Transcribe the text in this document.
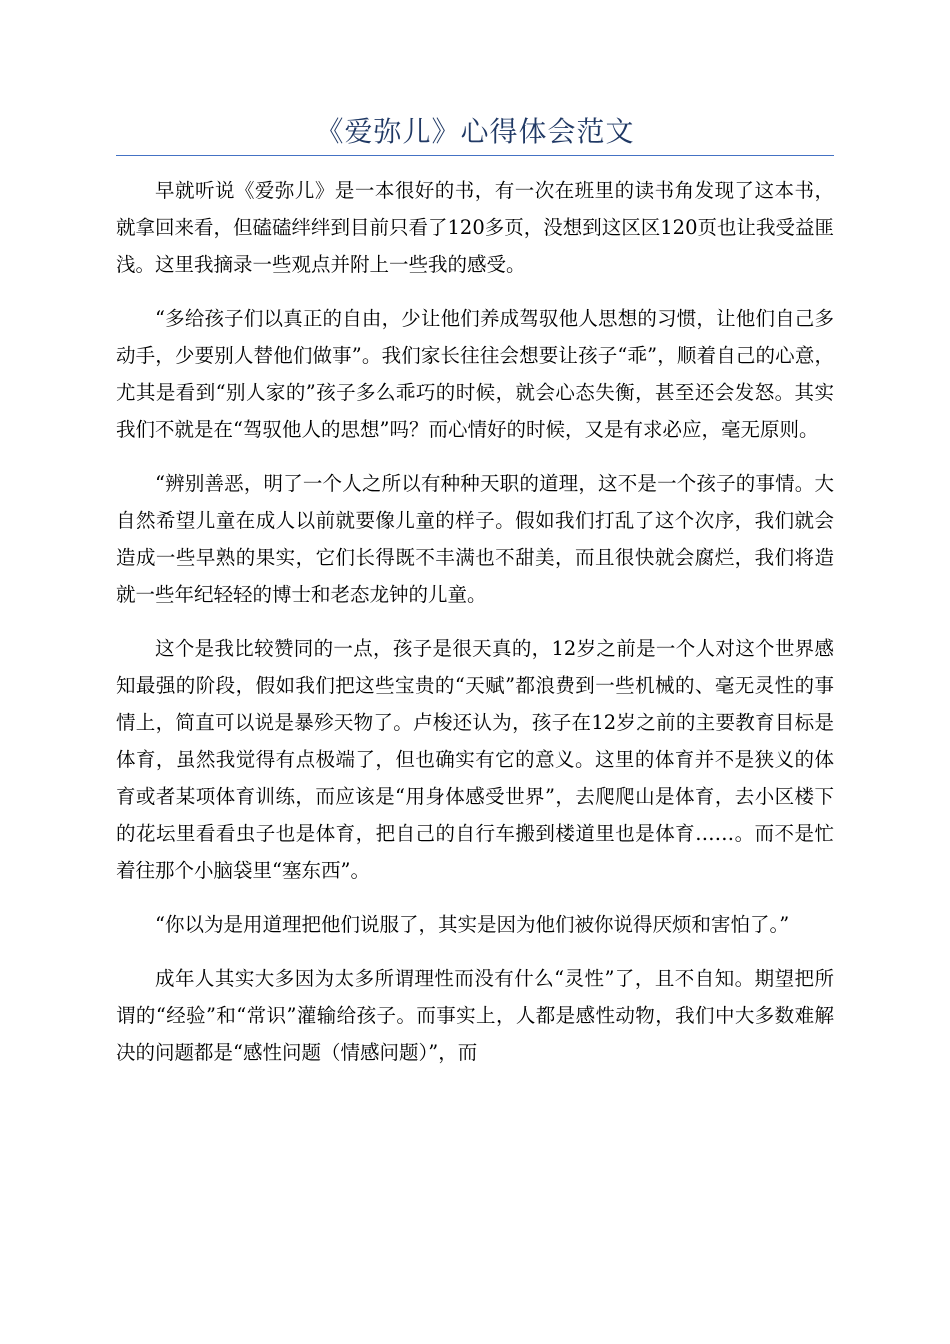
《爱弥儿》心得体会范文

早就听说《爱弥儿》是一本很好的书，有一次在班里的读书角发现了这本书，就拿回来看，但磕磕绊绊到目前只看了120多页，没想到这区区120页也让我受益匪浅。这里我摘录一些观点并附上一些我的感受。

“多给孩子们以真正的自由，少让他们养成驾驭他人思想的习惯，让他们自己多动手，少要别人替他们做事”。我们家长往往会想要让孩子“乖”，顺着自己的心意，尤其是看到“别人家的”孩子多么乖巧的时候，就会心态失衡，甚至还会发怒。其实我们不就是在“驾驭他人的思想”吗？而心情好的时候，又是有求必应，毫无原则。

“辨别善恶，明了一个人之所以有种种天职的道理，这不是一个孩子的事情。大自然希望儿童在成人以前就要像儿童的样子。假如我们打乱了这个次序，我们就会造成一些早熟的果实，它们长得既不丰满也不甜美，而且很快就会腐烂，我们将造就一些年纪轻轻的博士和老态龙钟的儿童。

这个是我比较赞同的一点，孩子是很天真的，12岁之前是一个人对这个世界感知最强的阶段，假如我们把这些宝贵的“天赋”都浪费到一些机械的、毫无灵性的事情上，简直可以说是暴殄天物了。卢梭还认为，孩子在12岁之前的主要教育目标是体育，虽然我觉得有点极端了，但也确实有它的意义。这里的体育并不是狭义的体育或者某项体育训练，而应该是“用身体感受世界”，去爬爬山是体育，去小区楼下的花坛里看看虫子也是体育，把自己的自行车搬到楼道里也是体育……。而不是忙着往那个小脑袋里“塞东西”。

“你以为是用道理把他们说服了，其实是因为他们被你说得厌烦和害怕了。”

成年人其实大多因为太多所谓理性而没有什么“灵性”了，且不自知。期望把所谓的“经验”和“常识”灌输给孩子。而事实上，人都是感性动物，我们中大多数难解决的问题都是“感性问题（情感问题）”，而
